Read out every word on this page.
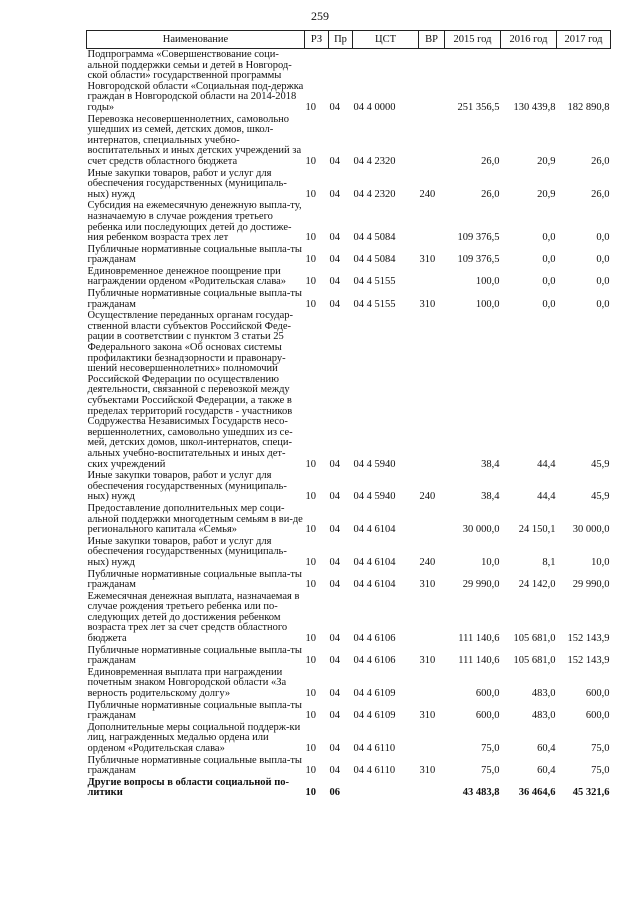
259
Наименование	РЗ	Пр	ЦСТ	ВР	2015 год	2016 год	2017 год
Подпрограмма «Совершенствование соци-альной поддержки семьи и детей в Новгород-ской области» государственной программы Новгородской области «Социальная под-держка граждан в Новгородской области на 2014-2018 годы»	10	04	04 4 0000		251 356,5	130 439,8	182 890,8
Перевозка несовершеннолетних, самовольно ушедших из семей, детских домов, школ-интернатов, специальных учебно-воспитательных и иных детских учреждений за счет средств областного бюджета	10	04	04 4 2320		26,0	20,9	26,0
Иные закупки товаров, работ и услуг для обеспечения государственных (муниципаль-ных) нужд	10	04	04 4 2320	240	26,0	20,9	26,0
Субсидия на ежемесячную денежную выпла-ту, назначаемую в случае рождения третьего ребенка или последующих детей до достиже-ния ребенком возраста трех лет	10	04	04 4 5084		109 376,5	0,0	0,0
Публичные нормативные социальные выпла-ты гражданам	10	04	04 4 5084	310	109 376,5	0,0	0,0
Единовременное денежное поощрение при награждении орденом «Родительская слава»	10	04	04 4 5155		100,0	0,0	0,0
Публичные нормативные социальные выпла-ты гражданам	10	04	04 4 5155	310	100,0	0,0	0,0
Осуществление переданных органам государ-ственной власти субъектов Российской Феде-рации в соответствии с пунктом 3 статьи 25 Федерального закона «Об основах системы профилактики безнадзорности и правонару-шений несовершеннолетних» полномочий Российской Федерации по осуществлению деятельности, связанной с перевозкой между субъектами Российской Федерации, а также в пределах территорий государств - участников Содружества Независимых Государств несо-вершеннолетних, самовольно ушедших из се-мей, детских домов, школ-интернатов, специ-альных учебно-воспитательных и иных дет-ских учреждений	10	04	04 4 5940		38,4	44,4	45,9
Иные закупки товаров, работ и услуг для обеспечения государственных (муниципаль-ных) нужд	10	04	04 4 5940	240	38,4	44,4	45,9
Предоставление дополнительных мер соци-альной поддержки многодетным семьям в ви-де регионального капитала «Семья»	10	04	04 4 6104		30 000,0	24 150,1	30 000,0
Иные закупки товаров, работ и услуг для обеспечения государственных (муниципаль-ных) нужд	10	04	04 4 6104	240	10,0	8,1	10,0
Публичные нормативные социальные выпла-ты гражданам	10	04	04 4 6104	310	29 990,0	24 142,0	29 990,0
Ежемесячная денежная выплата, назначаемая в случае рождения третьего ребенка или по-следующих детей до достижения ребенком возраста трех лет за счет средств областного бюджета	10	04	04 4 6106		111 140,6	105 681,0	152 143,9
Публичные нормативные социальные выпла-ты гражданам	10	04	04 4 6106	310	111 140,6	105 681,0	152 143,9
Единовременная выплата при награждении почетным знаком Новгородской области «За верность родительскому долгу»	10	04	04 4 6109		600,0	483,0	600,0
Публичные нормативные социальные выпла-ты гражданам	10	04	04 4 6109	310	600,0	483,0	600,0
Дополнительные меры социальной поддерж-ки лиц, награжденных медалью ордена или орденом «Родительская слава»	10	04	04 4 6110		75,0	60,4	75,0
Публичные нормативные социальные выпла-ты гражданам	10	04	04 4 6110	310	75,0	60,4	75,0
Другие вопросы в области социальной по-литики	10	06			43 483,8	36 464,6	45 321,6
